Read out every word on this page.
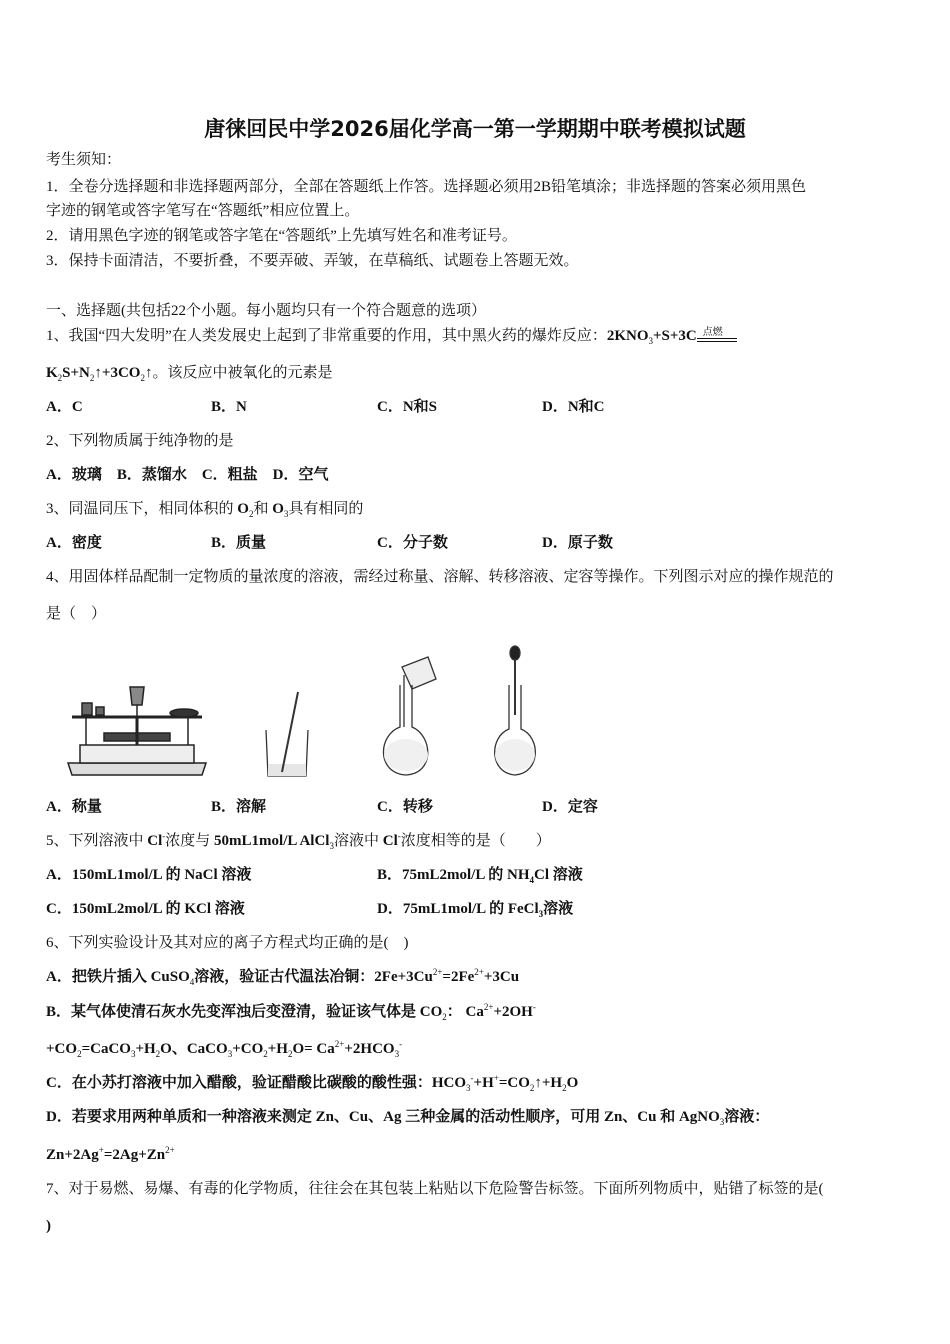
唐徕回民中学2026届化学高一第一学期期中联考模拟试题
考生须知：
1．全卷分选择题和非选择题两部分，全部在答题纸上作答。选择题必须用2B铅笔填涂；非选择题的答案必须用黑色
字迹的钢笔或答字笔写在“答题纸”相应位置上。
2．请用黑色字迹的钢笔或答字笔在“答题纸”上先填写姓名和准考证号。
3．保持卡面清洁，不要折叠，不要弄破、弄皱，在草稿纸、试题卷上答题无效。
一、选择题(共包括22个小题。每小题均只有一个符合题意的选项）
1、我国“四大发明”在人类发展史上起到了非常重要的作用，其中黑火药的爆炸反应：$2KNO_3+S+3C$ 点燃
$K_2S+N_2↑+3CO_2↑$。该反应中被氧化的元素是
A．C	B．N	C．N和S	D．N和C
2、下列物质属于纯净物的是
A．玻璃　B．蒸馏水　C．粗盐　D．空气
3、同温同压下，相同体积的 $O_2$和 $O_3$具有相同的
A．密度	B．质量	C．分子数	D．原子数
4、用固体样品配制一定物质的量浓度的溶液，需经过称量、溶解、转移溶液、定容等操作。下列图示对应的操作规范的
是（　）
A．称量	B．溶解	C．转移	D．定容
5、下列溶液中 Cl-浓度与 50mL1mol/L AlCl$_3$溶液中 Cl-浓度相等的是（　　）
A．150mL1mol/L 的 NaCl 溶液	B．75mL2mol/L 的 $NH_4Cl$ 溶液
C．150mL2mol/L 的 KCl 溶液	D．75mL1mol/L 的 FeCl$_3$溶液
6、下列实验设计及其对应的离子方程式均正确的是(　)
A．把铁片插入 CuSO$_4$溶液，验证古代温法冶铜：$2Fe+3Cu^{2+}=2Fe^{2+}+3Cu$
B．某气体使清石灰水先变浑浊后变澄清，验证该气体是 $CO_2$： $Ca^{2+}+2OH^-$
$+CO_2=CaCO_3+H_2O$、$CaCO_3+CO_2+H_2O= Ca^{2+}+2HCO_3^-$
C．在小苏打溶液中加入醋酸，验证醋酸比碳酸的酸性强：$HCO_3^-+H^+=CO_2↑+H_2O$
D．若要求用两种单质和一种溶液来测定 Zn、Cu、Ag 三种金属的活动性顺序，可用 Zn、Cu 和 AgNO$_3$溶液：
$Zn+2Ag^+=2Ag+Zn^{2+}$
7、对于易燃、易爆、有毒的化学物质，往往会在其包装上粘贴以下危险警告标签。下面所列物质中，贴错了标签的是(
)
